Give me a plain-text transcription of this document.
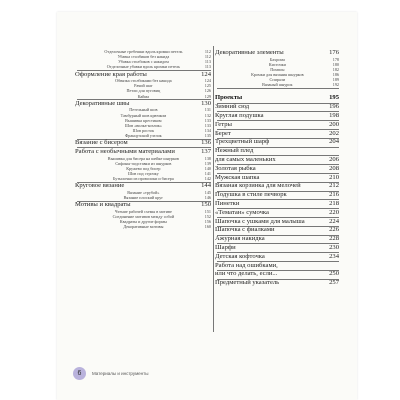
Отделочные гребешки вдоль кромки петель	112
Убавка столбиков без накида	112
Убавка столбиков с накидом	113
Отделочные убавки вдоль кромки петель	113
Оформление края работы	124
Обвязка столбиками без накида	124
Рачий шаг	125
Петли для пуговиц	126
Кайма	129
Декоративные швы	130
Петельный шов	131
Тамбурный шов крючком	132
Вышивка крестиком	133
Шов «вилка-козлик»	133
Шов росток	134
Французский узелок	135
Вязание с бисером	136
Работа с необычными материалами	137
Вышивка для бисера на шейке шнурков	138
Сифоны-подставки из шнурков	139
Кружево под бисер	140
Шов под строчку	141
Бутылочки из проволоки и бисера	142
Круговое вязание	144
Вязание «трубой»	145
Вязание плоский круг	146
Мотивы и квадраты	150
Чтение рабочей схемы в мотиве	151
Соединение мотивов между собой	152
Квадраты и другие формы	156
Декоративные мотивы	160
Декоративные элементы	176
Бахрома	178
Кисточки	180
Помпон	182
Кромки для вязания шнурков	186
Спирали	189
Вязаный шнурок	192
Проекты	195
Зимний сюд	196
Круглая подушка	198
Гетры	200
Берет	202
Трехцветный шарф	204
Нежный плед
для самых маленьких	206
Золотая рыбка	208
Мужская шапка	210
Вязаная корзинка для мелочей	212
Подушка в стиле печворк	216
Пинетки	218
«Тематан» сумочка	220
Шапочка с ушками для малыша	224
Шапочка с фиалками	226
Ажурная накидка	228
Шарфи	230
Детская кофточка	234
Работа над ошибками,
или что делать, если...	250
Предметный указатель	257
6	Материалы и инструменты
